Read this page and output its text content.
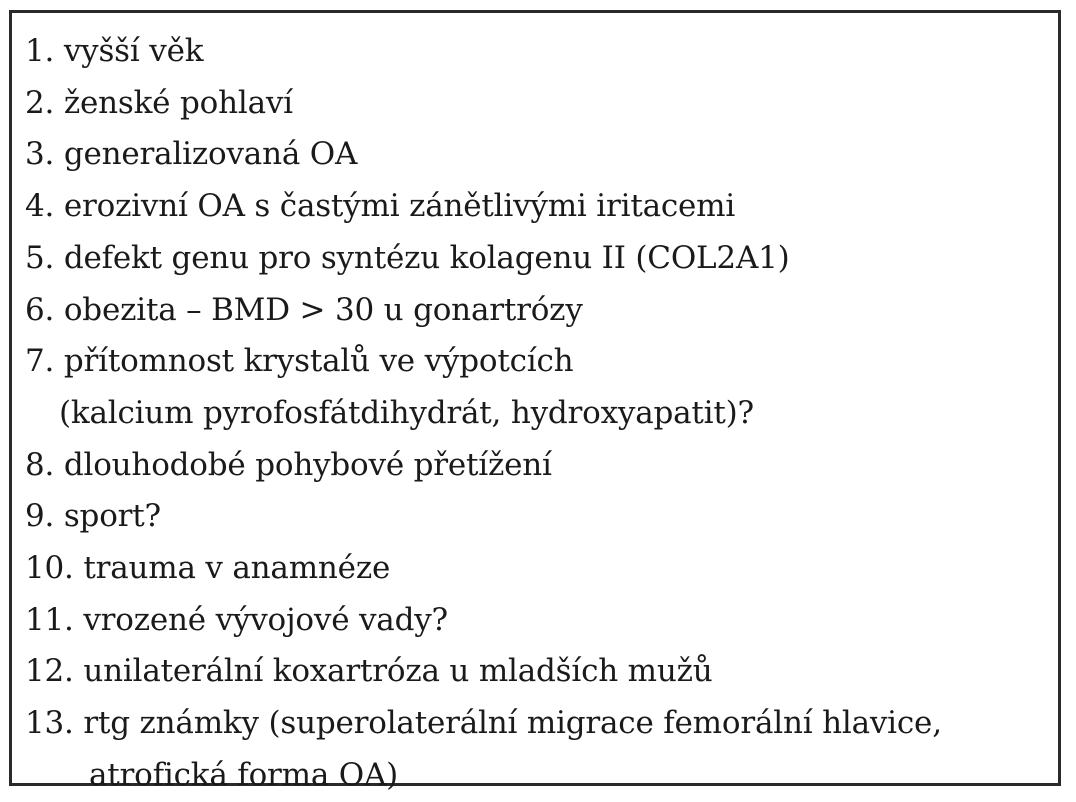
1. vyšší věk
2. ženské pohlaví
3. generalizovaná OA
4. erozivní OA s častými zánětlivými iritacemi
5. defekt genu pro syntézu kolagenu II (COL2A1)
6. obezita – BMD > 30 u gonartrózy
7. přítomnost krystalů ve výpotcích
(kalcium pyrofosfátdihydrát, hydroxyapatit)?
8. dlouhodobé pohybové přetížení
9. sport?
10. trauma v anamnéze
11. vrozené vývojové vady?
12. unilaterální koxartróza u mladších mužů
13. rtg známky (superolaterální migrace femorální hlavice,
atrofická forma OA)
